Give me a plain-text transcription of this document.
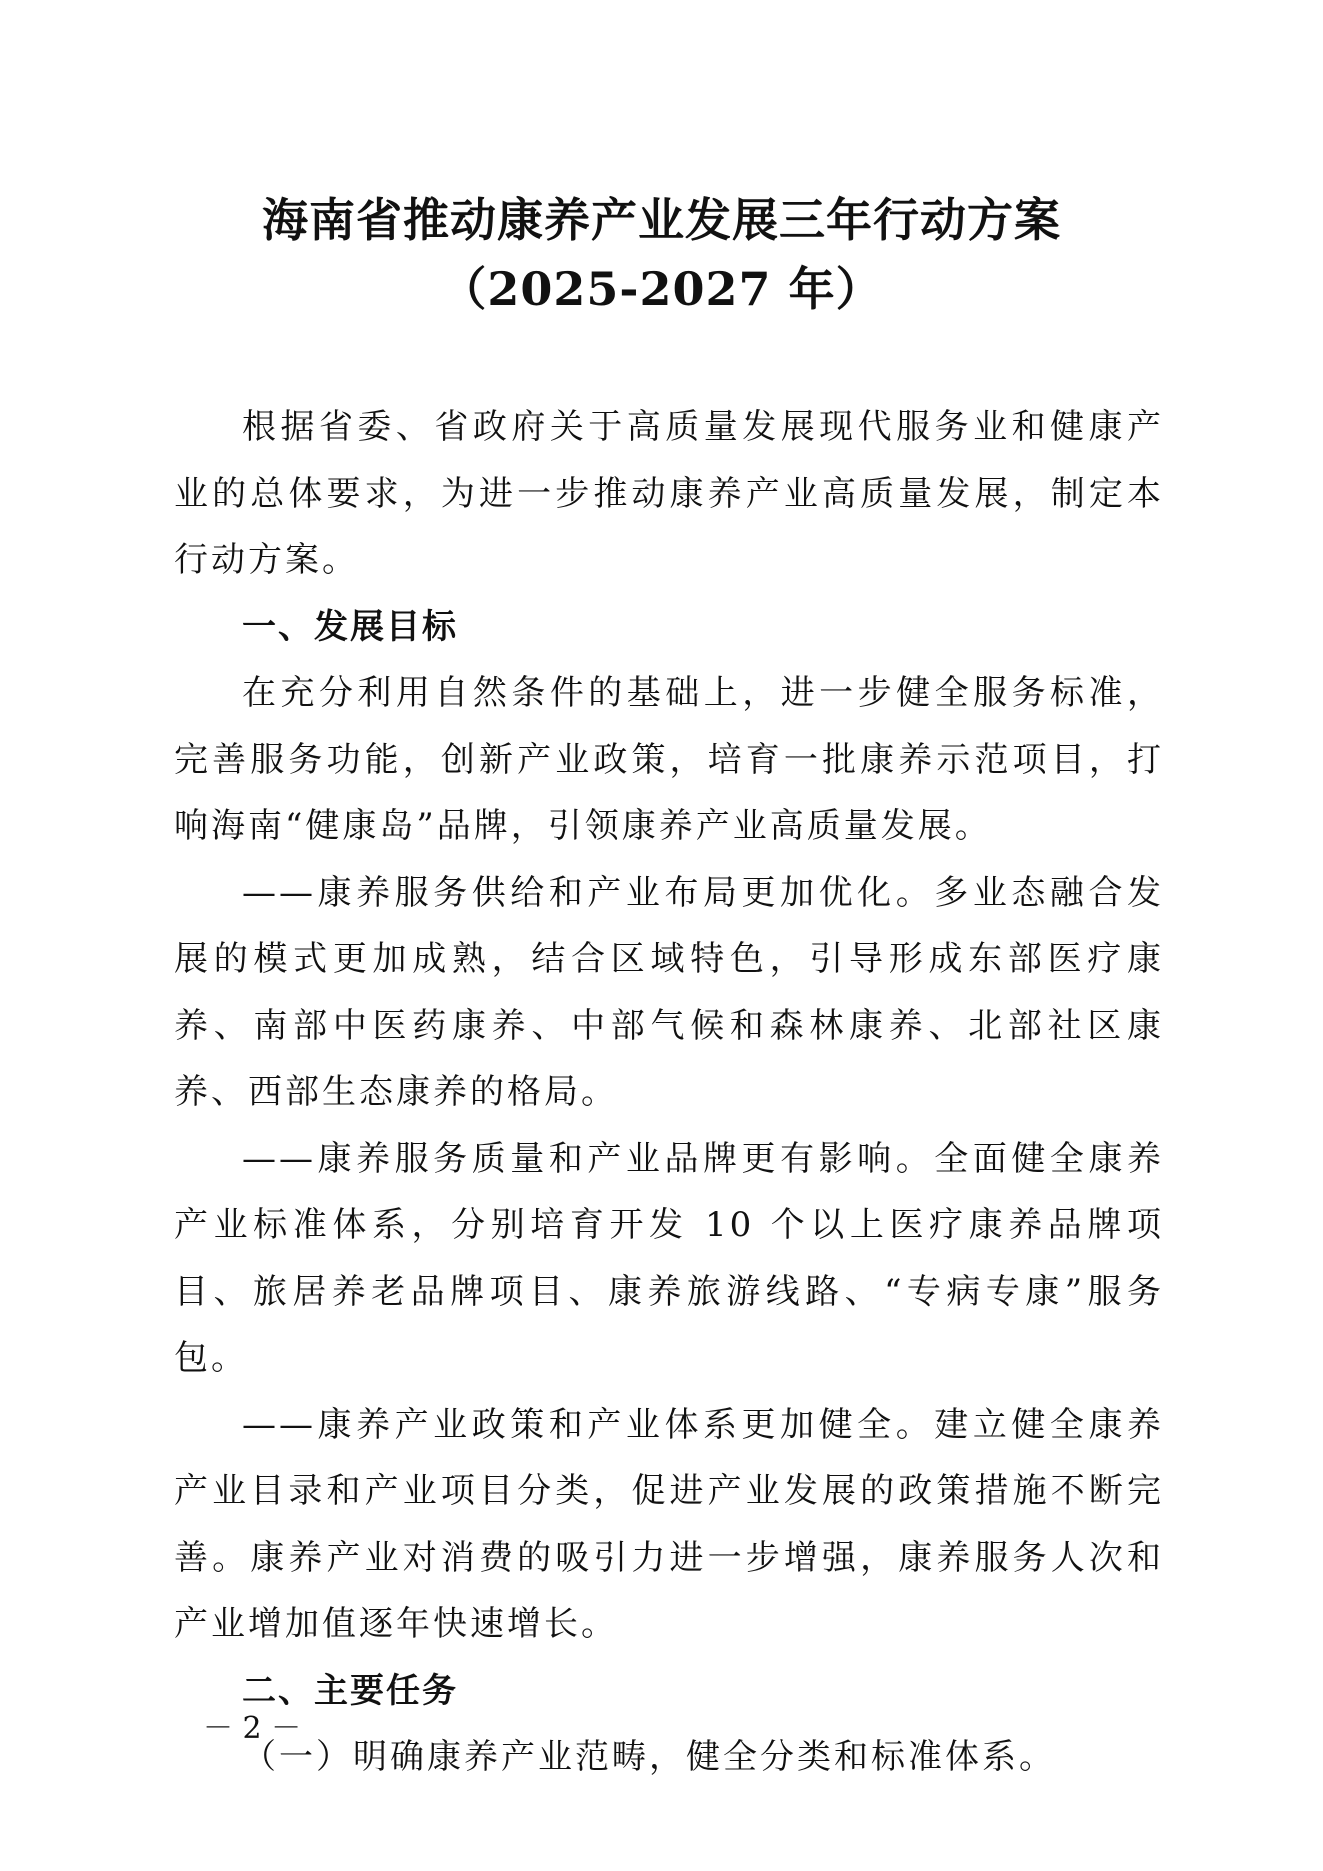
海南省推动康养产业发展三年行动方案
（2025-2027 年）

根据省委、省政府关于高质量发展现代服务业和健康产业的总体要求，为进一步推动康养产业高质量发展，制定本行动方案。

一、发展目标

在充分利用自然条件的基础上，进一步健全服务标准，完善服务功能，创新产业政策，培育一批康养示范项目，打响海南“健康岛”品牌，引领康养产业高质量发展。

——康养服务供给和产业布局更加优化。多业态融合发展的模式更加成熟，结合区域特色，引导形成东部医疗康养、南部中医药康养、中部气候和森林康养、北部社区康养、西部生态康养的格局。

——康养服务质量和产业品牌更有影响。全面健全康养产业标准体系，分别培育开发 10 个以上医疗康养品牌项目、旅居养老品牌项目、康养旅游线路、“专病专康”服务包。

——康养产业政策和产业体系更加健全。建立健全康养产业目录和产业项目分类，促进产业发展的政策措施不断完善。康养产业对消费的吸引力进一步增强，康养服务人次和产业增加值逐年快速增长。

二、主要任务

（一）明确康养产业范畴，健全分类和标准体系。

－ 2 －
